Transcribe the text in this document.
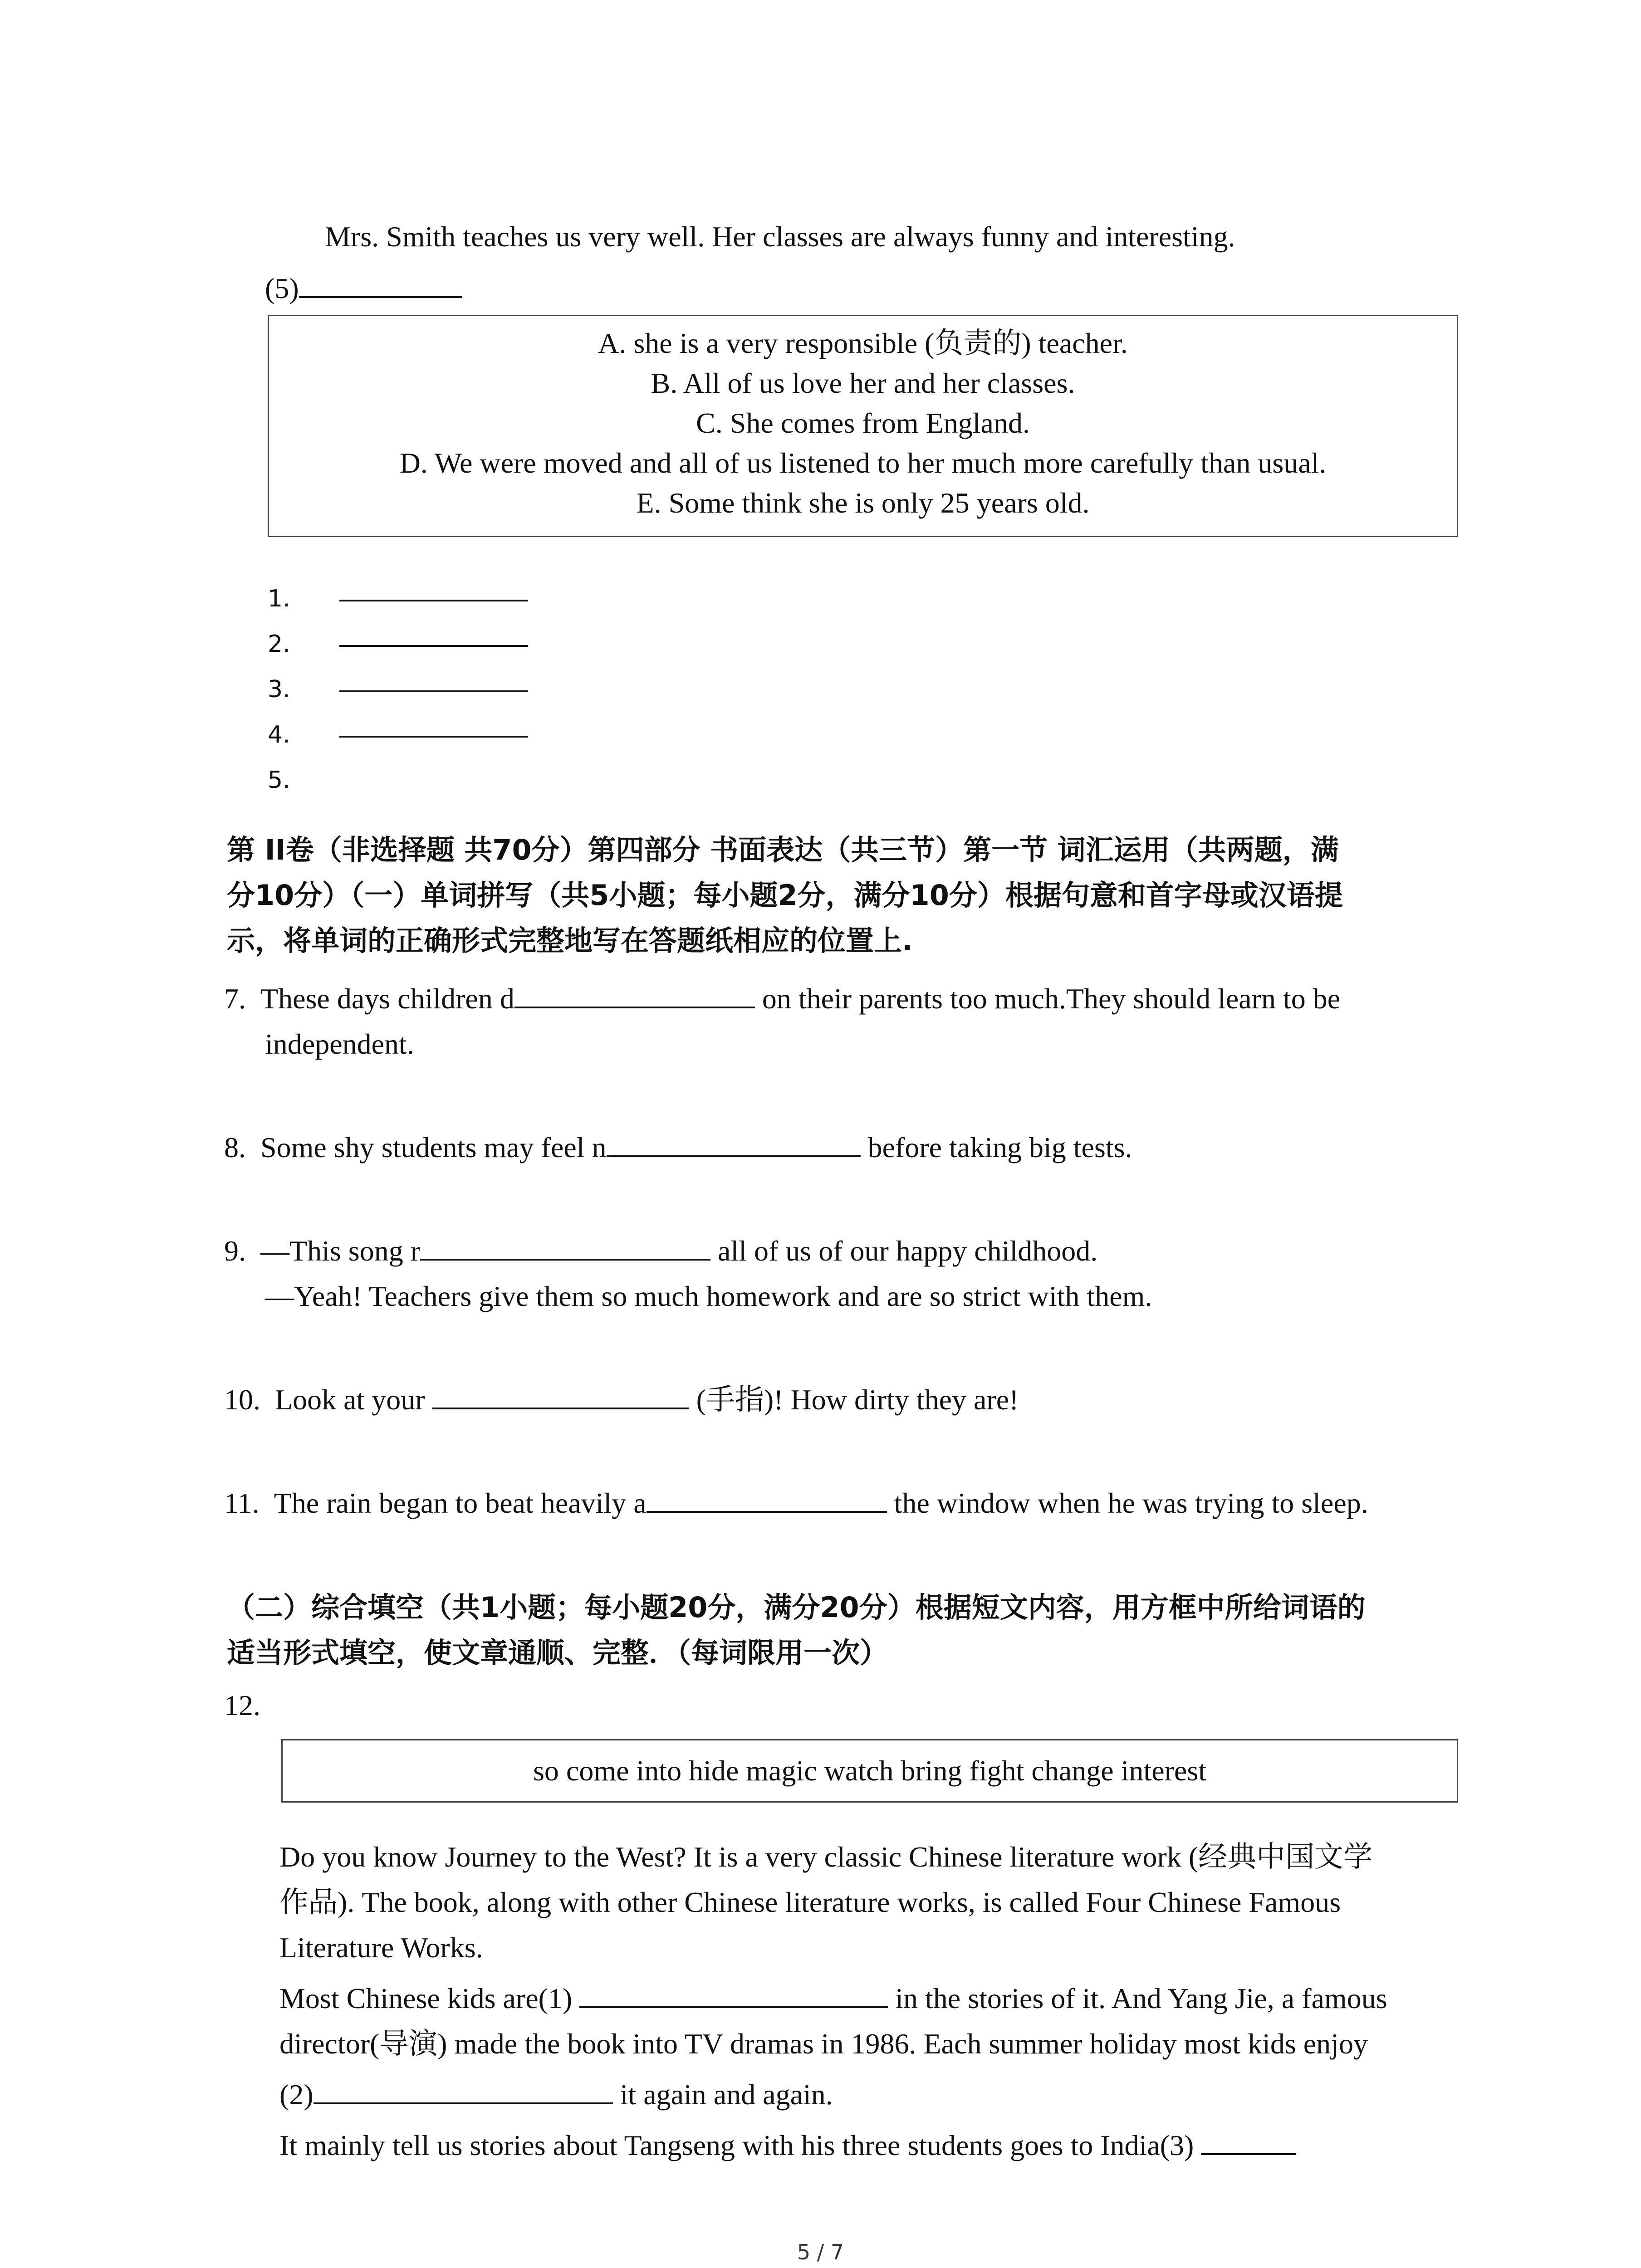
Mrs. Smith teaches us very well. Her classes are always funny and interesting.
(5)
A. she is a very responsible (负责的) teacher.
B. All of us love her and her classes.
C. She comes from England.
D. We were moved and all of us listened to her much more carefully than usual.
E. Some think she is only 25 years old.
1.
2.
3.
4.
5.
第 II卷（非选择题 共70分）第四部分 书面表达（共三节）第一节 词汇运用（共两题，满
分10分）（一）单词拼写（共5小题；每小题2分，满分10分）根据句意和首字母或汉语提
示，将单词的正确形式完整地写在答题纸相应的位置上.
7. These days children d	on their parents too much.They should learn to be
independent.
8. Some shy students may feel n	before taking big tests.
9. —This song r	all of us of our happy childhood.
—Yeah! Teachers give them so much homework and are so strict with them.
10. Look at your	(手指)! How dirty they are!
11. The rain began to beat heavily a	the window when he was trying to sleep.
（二）综合填空（共1小题；每小题20分，满分20分）根据短文内容，用方框中所给词语的
适当形式填空，使文章通顺、完整．（每词限用一次）
12.
so come into hide magic watch bring fight change interest
Do you know Journey to the West? It is a very classic Chinese literature work (经典中国文学
作品). The book, along with other Chinese literature works, is called Four Chinese Famous
Literature Works.
Most Chinese kids are(1)	in the stories of it. And Yang Jie, a famous
director(导演) made the book into TV dramas in 1986. Each summer holiday most kids enjoy
(2)	it again and again.
It mainly tell us stories about Tangseng with his three students goes to India(3)
5 / 7
